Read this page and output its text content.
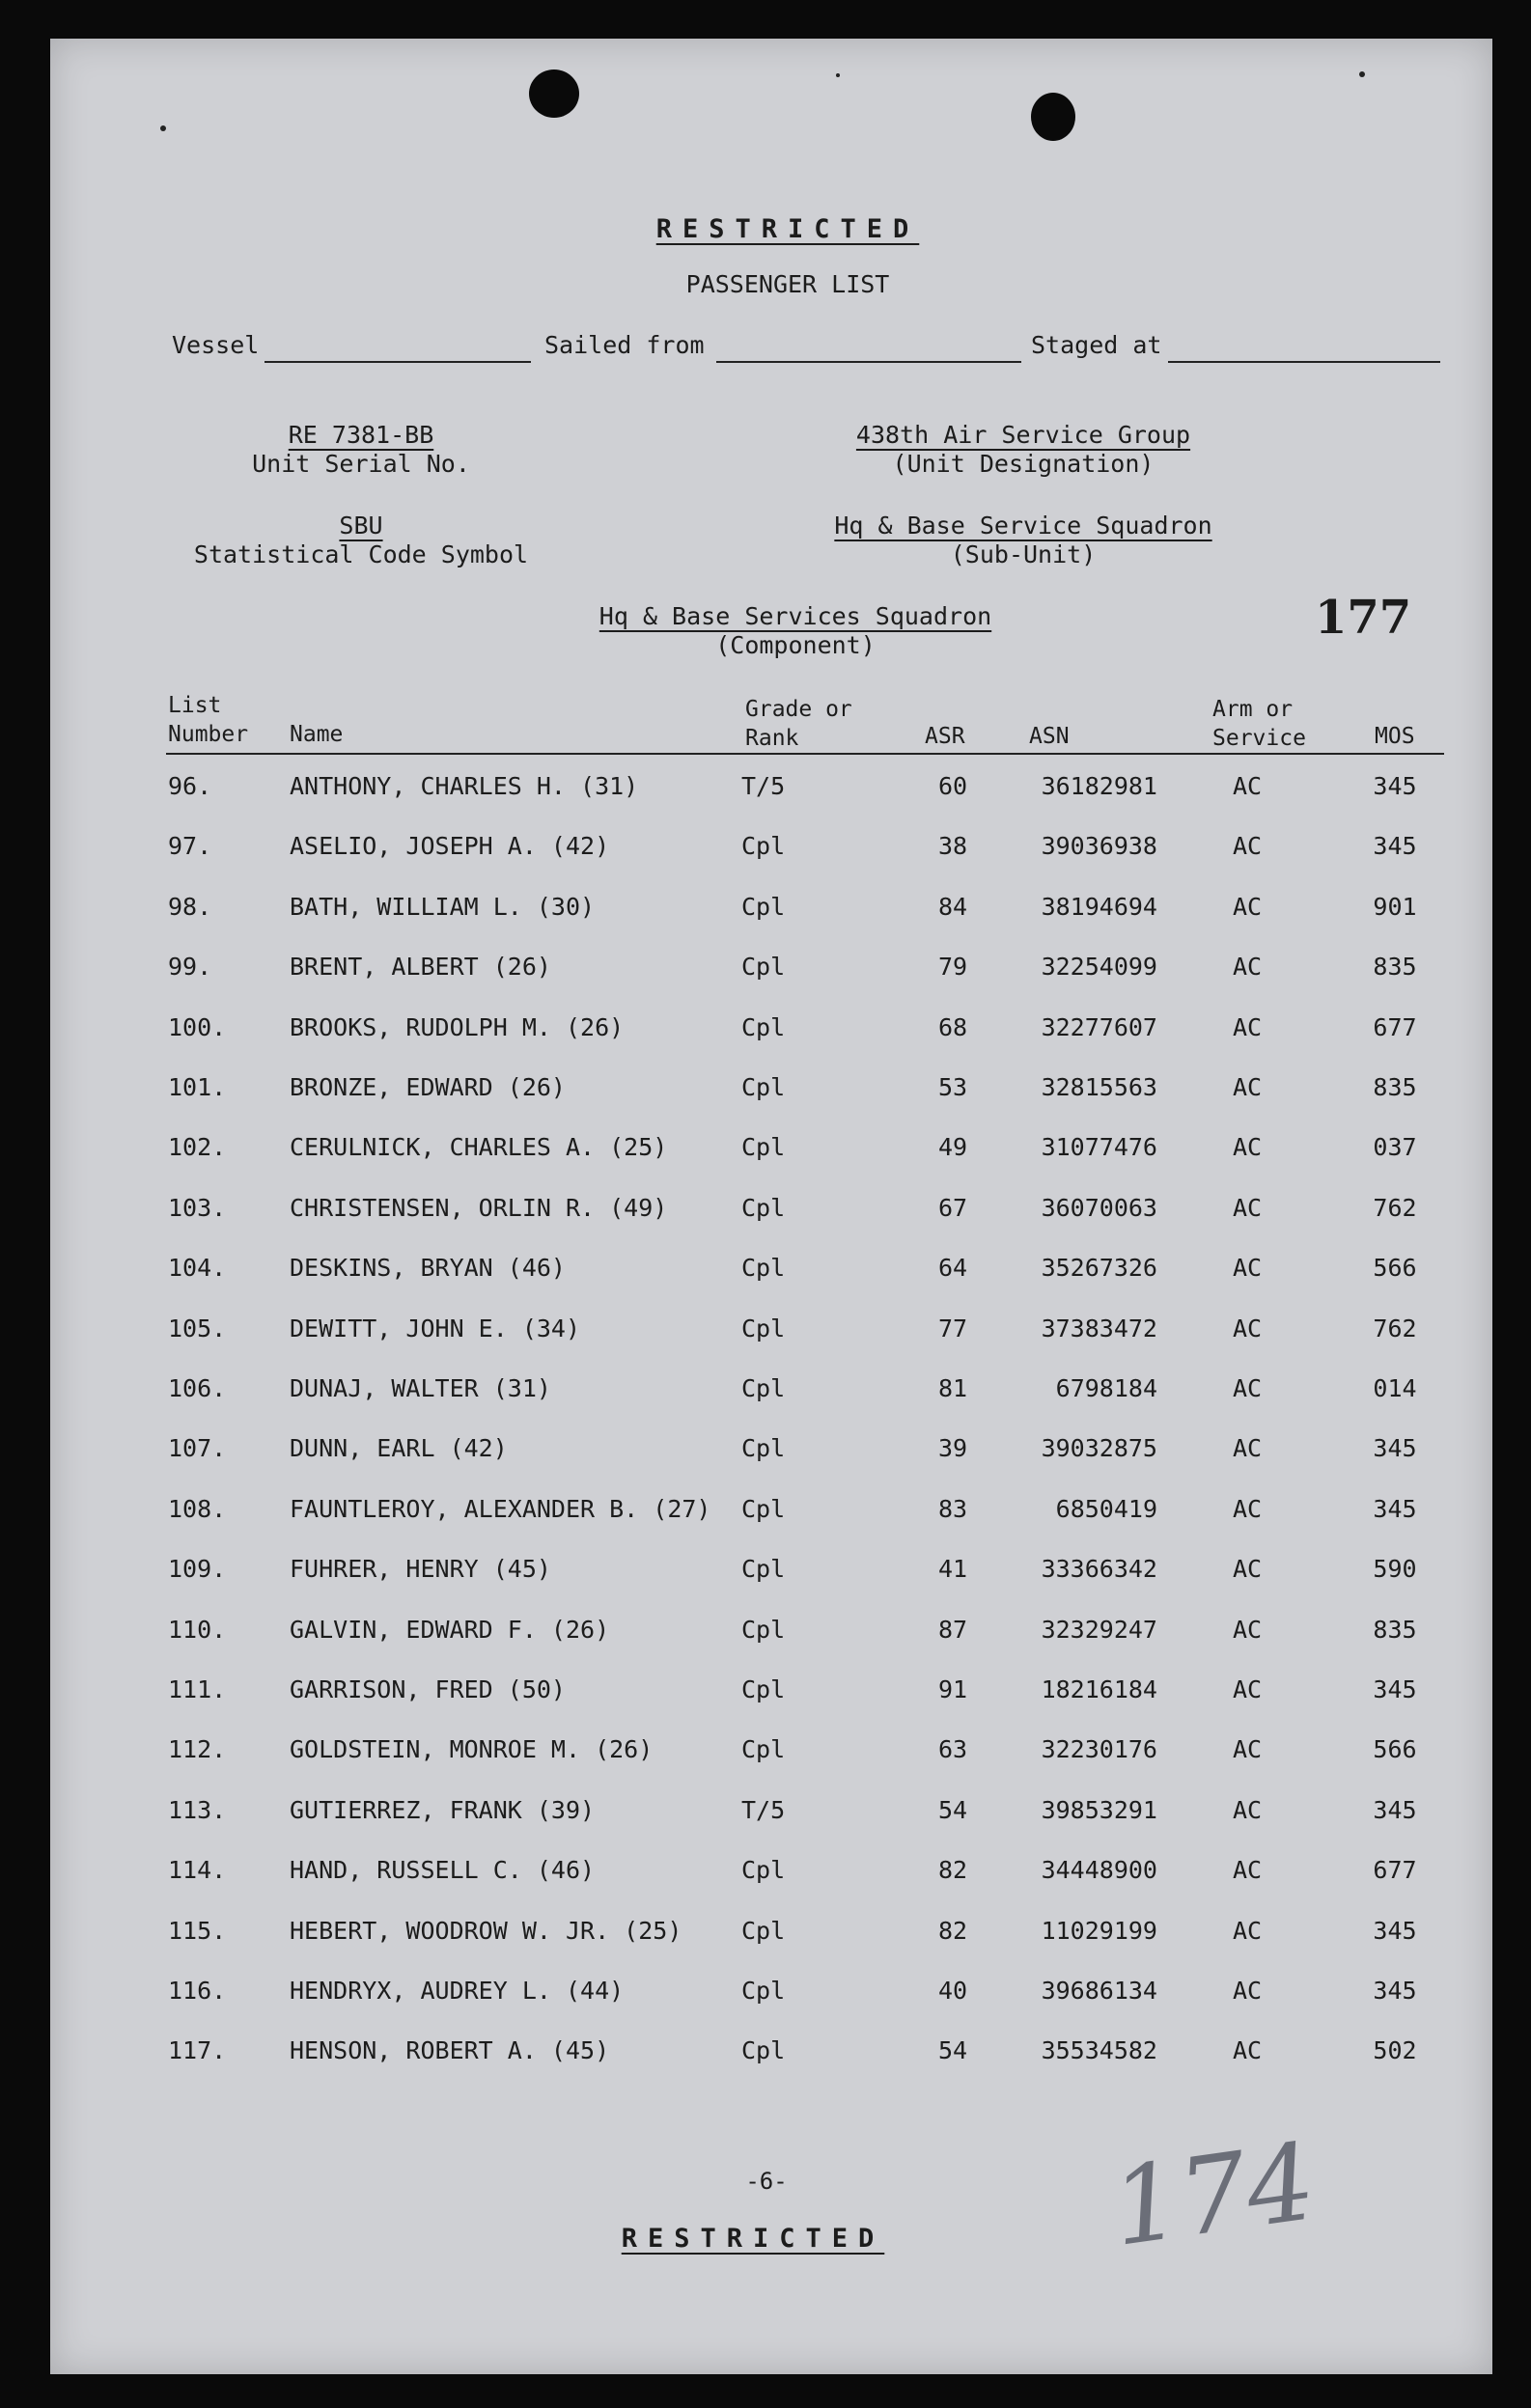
RESTRICTED
PASSENGER LIST
Vessel	Sailed from	Staged at
RE 7381-BB
Unit Serial No.
438th Air Service Group
(Unit Designation)
SBU
Statistical Code Symbol
Hq & Base Service Squadron
(Sub-Unit)
Hq & Base Services Squadron
(Component)
177
List
Number Name
Grade or
Rank	ASR	ASN
Arm or
Service	MOS
96.	ANTHONY, CHARLES H. (31)	T/5	60	36182981	AC	345
97.	ASELIO, JOSEPH A. (42)	Cpl	38	39036938	AC	345
98.	BATH, WILLIAM L. (30)	Cpl	84	38194694	AC	901
99.	BRENT, ALBERT (26)	Cpl	79	32254099	AC	835
100.	BROOKS, RUDOLPH M. (26)	Cpl	68	32277607	AC	677
101.	BRONZE, EDWARD (26)	Cpl	53	32815563	AC	835
102.	CERULNICK, CHARLES A. (25)	Cpl	49	31077476	AC	037
103.	CHRISTENSEN, ORLIN R. (49)	Cpl	67	36070063	AC	762
104.	DESKINS, BRYAN (46)	Cpl	64	35267326	AC	566
105.	DEWITT, JOHN E. (34)	Cpl	77	37383472	AC	762
106.	DUNAJ, WALTER (31)	Cpl	81	6798184	AC	014
107.	DUNN, EARL (42)	Cpl	39	39032875	AC	345
108.	FAUNTLEROY, ALEXANDER B. (27) Cpl	83	6850419	AC	345
109.	FUHRER, HENRY (45)	Cpl	41	33366342	AC	590
110.	GALVIN, EDWARD F. (26)	Cpl	87	32329247	AC	835
111.	GARRISON, FRED (50)	Cpl	91	18216184	AC	345
112.	GOLDSTEIN, MONROE M. (26)	Cpl	63	32230176	AC	566
113.	GUTIERREZ, FRANK (39)	T/5	54	39853291	AC	345
114.	HAND, RUSSELL C. (46)	Cpl	82	34448900	AC	677
115.	HEBERT, WOODROW W. JR. (25) Cpl	82	11029199	AC	345
116.	HENDRYX, AUDREY L. (44)	Cpl	40	39686134	AC	345
117.	HENSON, ROBERT A. (45)	Cpl	54	35534582	AC	502
-6-
RESTRICTED 174
